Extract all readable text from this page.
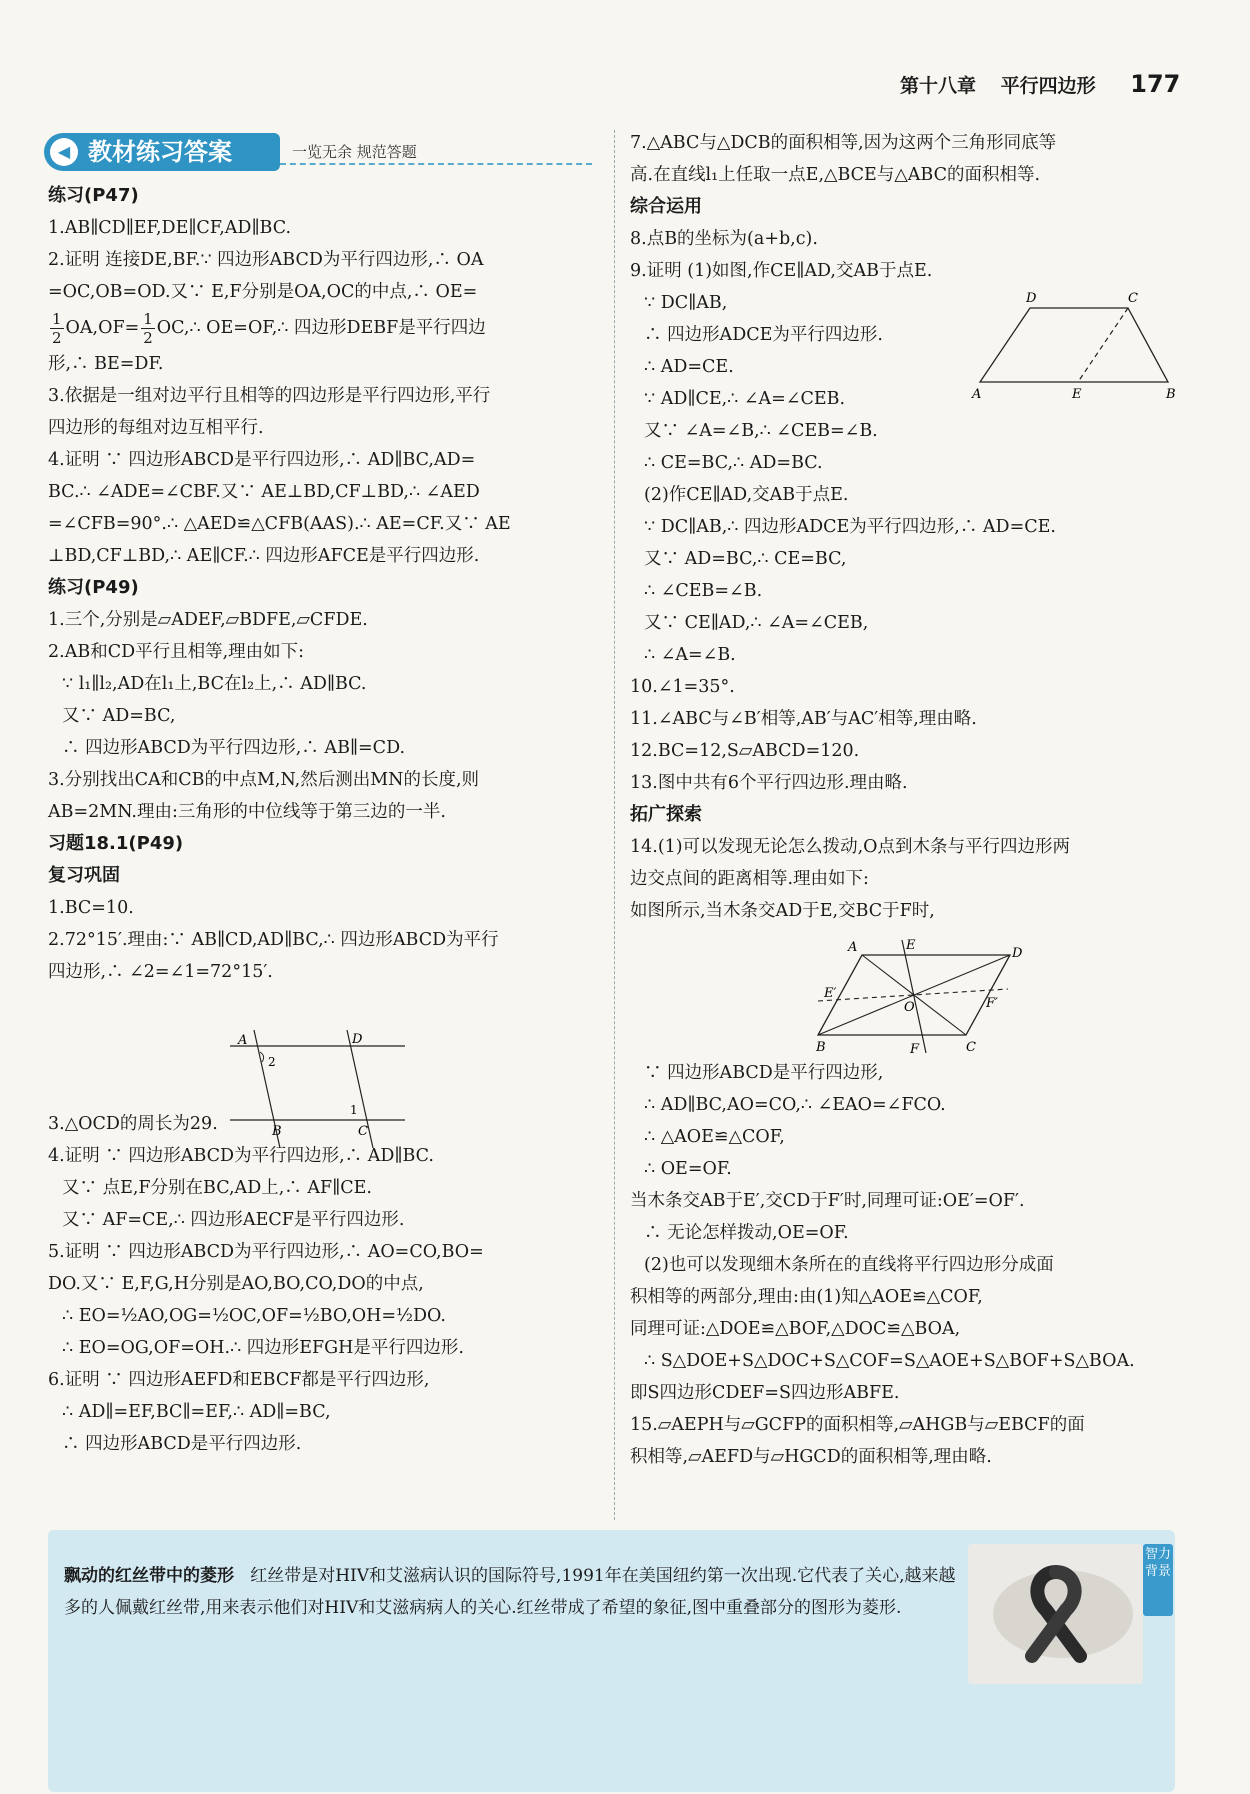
第十八章 平行四边形 177
◀ 教材练习答案	一览无余 规范答题
练习(P47)
1.AB∥CD∥EF,DE∥CF,AD∥BC.
2.证明 连接DE,BF.∵ 四边形ABCD为平行四边形,∴ OA
=OC,OB=OD.又∵ E,F分别是OA,OC的中点,∴ OE=
$\frac{1}{2} OA,OF= \frac{1}{2}$ OC,∴ OE=OF,∴ 四边形DEBF是平行四边
形,∴ BE=DF.
3.依据是一组对边平行且相等的四边形是平行四边形,平行
四边形的每组对边互相平行.
4.证明 ∵ 四边形ABCD是平行四边形,∴ AD∥BC,AD=
BC.∴ ∠ADE=∠CBF.又∵ AE⊥BD,CF⊥BD,∴ ∠AED
=∠CFB=90°.∴ △AED≌△CFB(AAS).∴ AE=CF.又∵ AE
⊥BD,CF⊥BD,∴ AE∥CF.∴ 四边形AFCE是平行四边形.
练习(P49)
1.三个,分别是▱ADEF,▱BDFE,▱CFDE.
2.AB和CD平行且相等,理由如下:
∵ l₁∥l₂,AD在l₁上,BC在l₂上,∴ AD∥BC.
又∵ AD=BC,
∴ 四边形ABCD为平行四边形,∴ AB∥=CD.
3.分别找出CA和CB的中点M,N,然后测出MN的长度,则
AB=2MN.理由:三角形的中位线等于第三边的一半.
习题18.1(P49)
复习巩固
1.BC=10.
2.72°15′.理由:∵ AB∥CD,AD∥BC,∴ 四边形ABCD为平行
四边形,∴ ∠2=∠1=72°15′.
3.△OCD的周长为29.
4.证明 ∵ 四边形ABCD为平行四边形,∴ AD∥BC.
又∵ 点E,F分别在BC,AD上,∴ AF∥CE.
又∵ AF=CE,∴ 四边形AECF是平行四边形.
5.证明 ∵ 四边形ABCD为平行四边形,∴ AO=CO,BO=
DO.又∵ E,F,G,H分别是AO,BO,CO,DO的中点,
∴ EO=½AO,OG=½OC,OF=½BO,OH=½DO.
∴ EO=OG,OF=OH.∴ 四边形EFGH是平行四边形.
6.证明 ∵ 四边形AEFD和EBCF都是平行四边形,
∴ AD∥=EF,BC∥=EF,∴ AD∥=BC,
∴ 四边形ABCD是平行四边形.
7.△ABC与△DCB的面积相等,因为这两个三角形同底等
高.在直线l₁上任取一点E,△BCE与△ABC的面积相等.
综合运用
8.点B的坐标为(a+b,c).
9.证明 (1)如图,作CE∥AD,交AB于点E.
∵ DC∥AB,
∴ 四边形ADCE为平行四边形.
∴ AD=CE.
∵ AD∥CE,∴ ∠A=∠CEB.
又∵ ∠A=∠B,∴ ∠CEB=∠B.
∴ CE=BC,∴ AD=BC.
(2)作CE∥AD,交AB于点E.
∵ DC∥AB,∴ 四边形ADCE为平行四边形,∴ AD=CE.
又∵ AD=BC,∴ CE=BC,
∴ ∠CEB=∠B.
又∵ CE∥AD,∴ ∠A=∠CEB,
∴ ∠A=∠B.
10.∠1=35°.
11.∠ABC与∠B′相等,AB′与AC′相等,理由略.
12.BC=12,S▱ABCD=120.
13.图中共有6个平行四边形.理由略.
拓广探索
14.(1)可以发现无论怎么拨动,O点到木条与平行四边形两
边交点间的距离相等.理由如下:
如图所示,当木条交AD于E,交BC于F时,
∵ 四边形ABCD是平行四边形,
∴ AD∥BC,AO=CO,∴ ∠EAO=∠FCO.
∴ △AOE≌△COF,
∴ OE=OF.
当木条交AB于E′,交CD于F′时,同理可证:OE′=OF′.
∴ 无论怎样拨动,OE=OF.
(2)也可以发现细木条所在的直线将平行四边形分成面
积相等的两部分,理由:由(1)知△AOE≌△COF,
同理可证:△DOE≌△BOF,△DOC≌△BOA,
∴ S△DOE+S△DOC+S△COF=S△AOE+S△BOF+S△BOA.
即S四边形CDEF=S四边形ABFE.
15.▱AEPH与▱GCFP的面积相等,▱AHGB与▱EBCF的面
积相等,▱AEFD与▱HGCD的面积相等,理由略.
A	D
B	C
1
2
D	C
A	E	B
A	E
D
E′
O	F′
B	F	C
飘动的红丝带中的菱形 红丝带是对HIV和艾滋病认识的国际符号,1991年在美国纽约第一次出现.它代表了关心,越来越多的人佩戴红丝带,用来表示他们对HIV和艾滋病病人的关心.红丝带成了希望的象征,图中重叠部分的图形为菱形.
智力背景
